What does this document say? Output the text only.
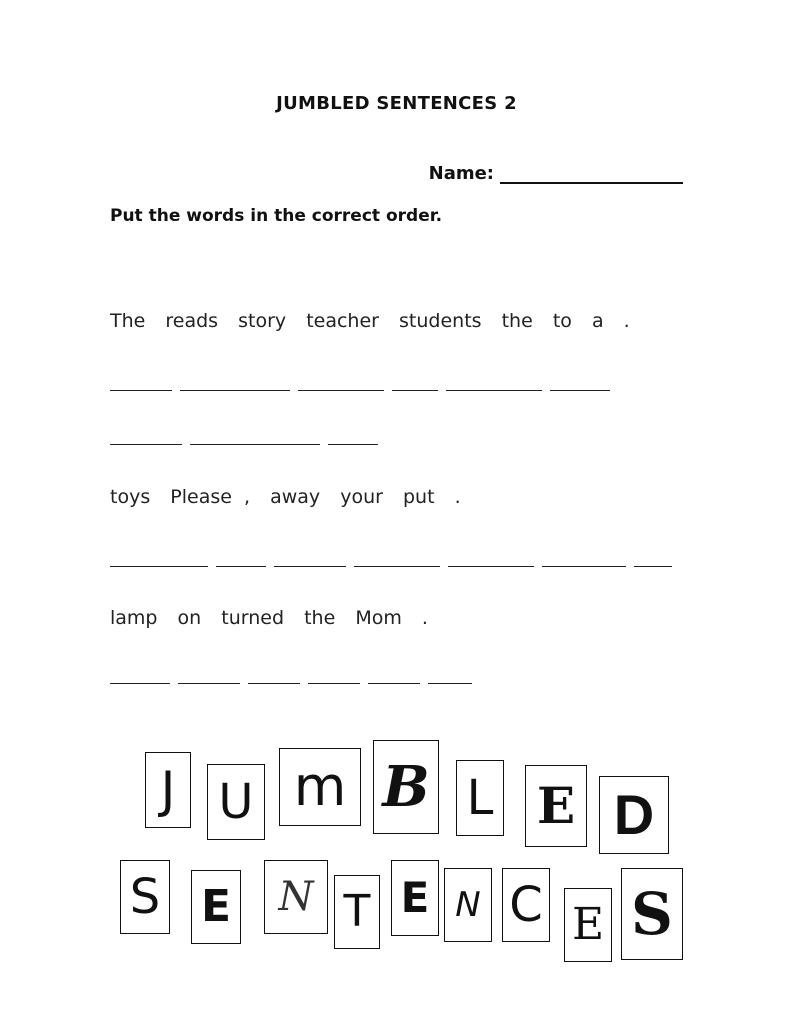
JUMBLED SENTENCES 2
Name:
Put the words in the correct order.
The reads story teacher students the to a .
toys Please , away your put .
lamp on turned the Mom .
J U m B L E D
S E	N T E N C E S
